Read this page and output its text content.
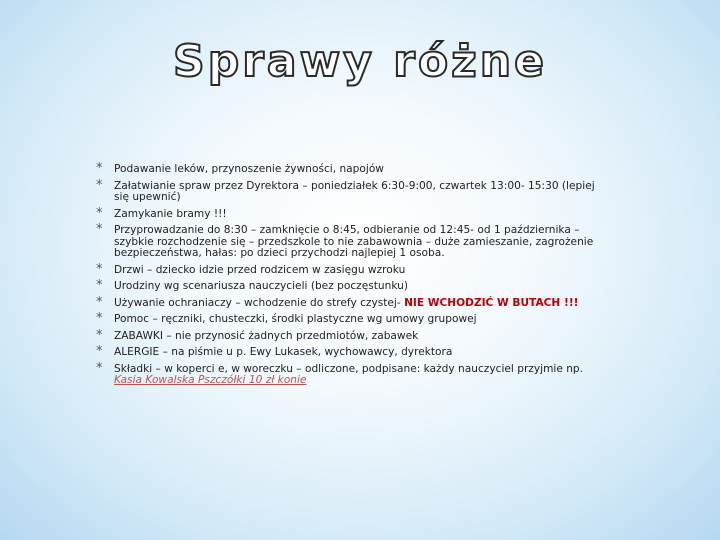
Sprawy różne
* Podawanie leków, przynoszenie żywności, napojów
* Załatwianie spraw przez Dyrektora – poniedziałek 6:30-9:00, czwartek 13:00- 15:30 (lepiej się upewnić)
* Zamykanie bramy !!!
* Przyprowadzanie do 8:30 – zamknięcie o 8:45, odbieranie od 12:45- od 1 października – szybkie rozchodzenie się – przedszkole to nie zabawownia – duże zamieszanie, zagrożenie bezpieczeństwa, hałas: po dzieci przychodzi najlepiej 1 osoba.
* Drzwi – dziecko idzie przed rodzicem w zasięgu wzroku
* Urodziny wg scenariusza nauczycieli (bez poczęstunku)
* Używanie ochraniaczy – wchodzenie do strefy czystej- NIE WCHODZIĆ W BUTACH !!!
* Pomoc – ręczniki, chusteczki, środki plastyczne wg umowy grupowej
* ZABAWKI – nie przynosić żadnych przedmiotów, zabawek
* ALERGIE – na piśmie u p. Ewy Lukasek, wychowawcy, dyrektora
* Składki – w koperci e, w woreczku – odliczone, podpisane: każdy nauczyciel przyjmie np.
Kasia Kowalska Pszczółki 10 zł konie
